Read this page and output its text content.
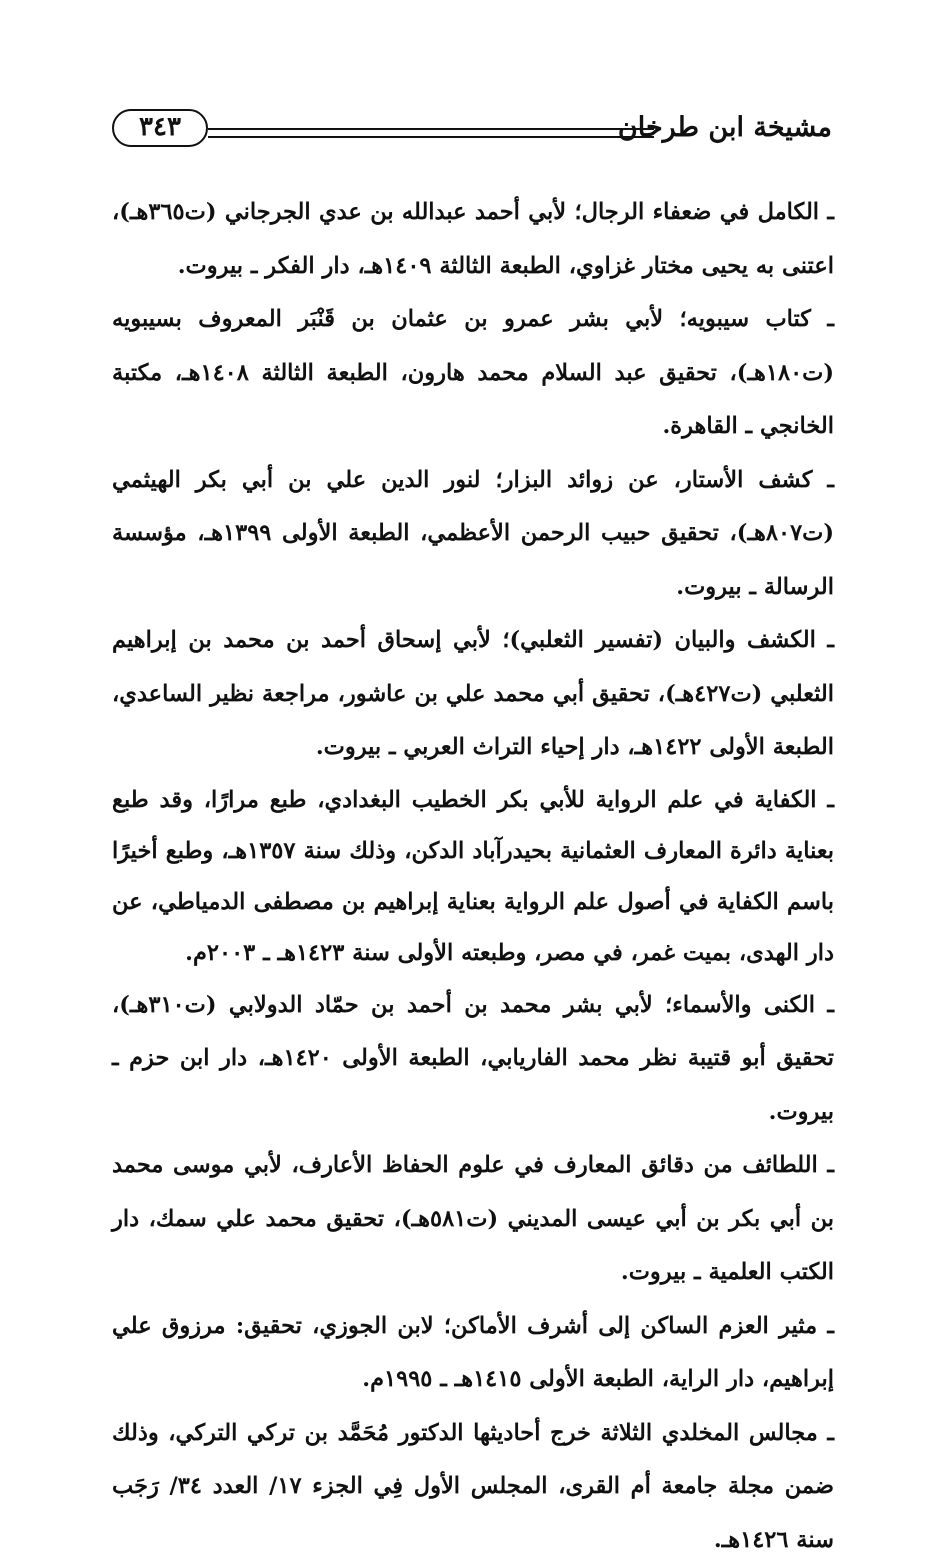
مشيخة ابن طرخان
٣٤٣

ـ الكامل في ضعفاء الرجال؛ لأبي أحمد عبدالله بن عدي الجرجاني (ت٣٦٥هـ)، اعتنى به يحيى مختار غزاوي، الطبعة الثالثة ١٤٠٩هـ، دار الفكر ـ بيروت.

ـ كتاب سيبويه؛ لأبي بشر عمرو بن عثمان بن قَنْبَر المعروف بسيبويه (ت١٨٠هـ)، تحقيق عبد السلام محمد هارون، الطبعة الثالثة ١٤٠٨هـ، مكتبة الخانجي ـ القاهرة.

ـ كشف الأستار، عن زوائد البزار؛ لنور الدين علي بن أبي بكر الهيثمي (ت٨٠٧هـ)، تحقيق حبيب الرحمن الأعظمي، الطبعة الأولى ١٣٩٩هـ، مؤسسة الرسالة ـ بيروت.

ـ الكشف والبيان (تفسير الثعلبي)؛ لأبي إسحاق أحمد بن محمد بن إبراهيم الثعلبي (ت٤٢٧هـ)، تحقيق أبي محمد علي بن عاشور، مراجعة نظير الساعدي، الطبعة الأولى ١٤٢٢هـ، دار إحياء التراث العربي ـ بيروت.

ـ الكفاية في علم الرواية للأبي بكر الخطيب البغدادي، طبع مرارًا، وقد طبع بعناية دائرة المعارف العثمانية بحيدرآباد الدكن، وذلك سنة ١٣٥٧هـ، وطبع أخيرًا باسم الكفاية في أصول علم الرواية بعناية إبراهيم بن مصطفى الدمياطي، عن دار الهدى، بميت غمر، في مصر، وطبعته الأولى سنة ١٤٢٣هـ ـ ٢٠٠٣م.

ـ الكنى والأسماء؛ لأبي بشر محمد بن أحمد بن حمّاد الدولابي (ت٣١٠هـ)، تحقيق أبو قتيبة نظر محمد الفاريابي، الطبعة الأولى ١٤٢٠هـ، دار ابن حزم ـ بيروت.

ـ اللطائف من دقائق المعارف في علوم الحفاظ الأعارف، لأبي موسى محمد بن أبي بكر بن أبي عيسى المديني (ت٥٨١هـ)، تحقيق محمد علي سمك، دار الكتب العلمية ـ بيروت.

ـ مثير العزم الساكن إلى أشرف الأماكن؛ لابن الجوزي، تحقيق: مرزوق علي إبراهيم، دار الراية، الطبعة الأولى ١٤١٥هـ ـ ١٩٩٥م.

ـ مجالس المخلدي الثلاثة خرج أحاديثها الدكتور مُحَمَّد بن تركي التركي، وذلك ضمن مجلة جامعة أم القرى، المجلس الأول فِي الجزء ١٧/ العدد ٣٤/ رَجَب سنة ١٤٢٦هـ.
